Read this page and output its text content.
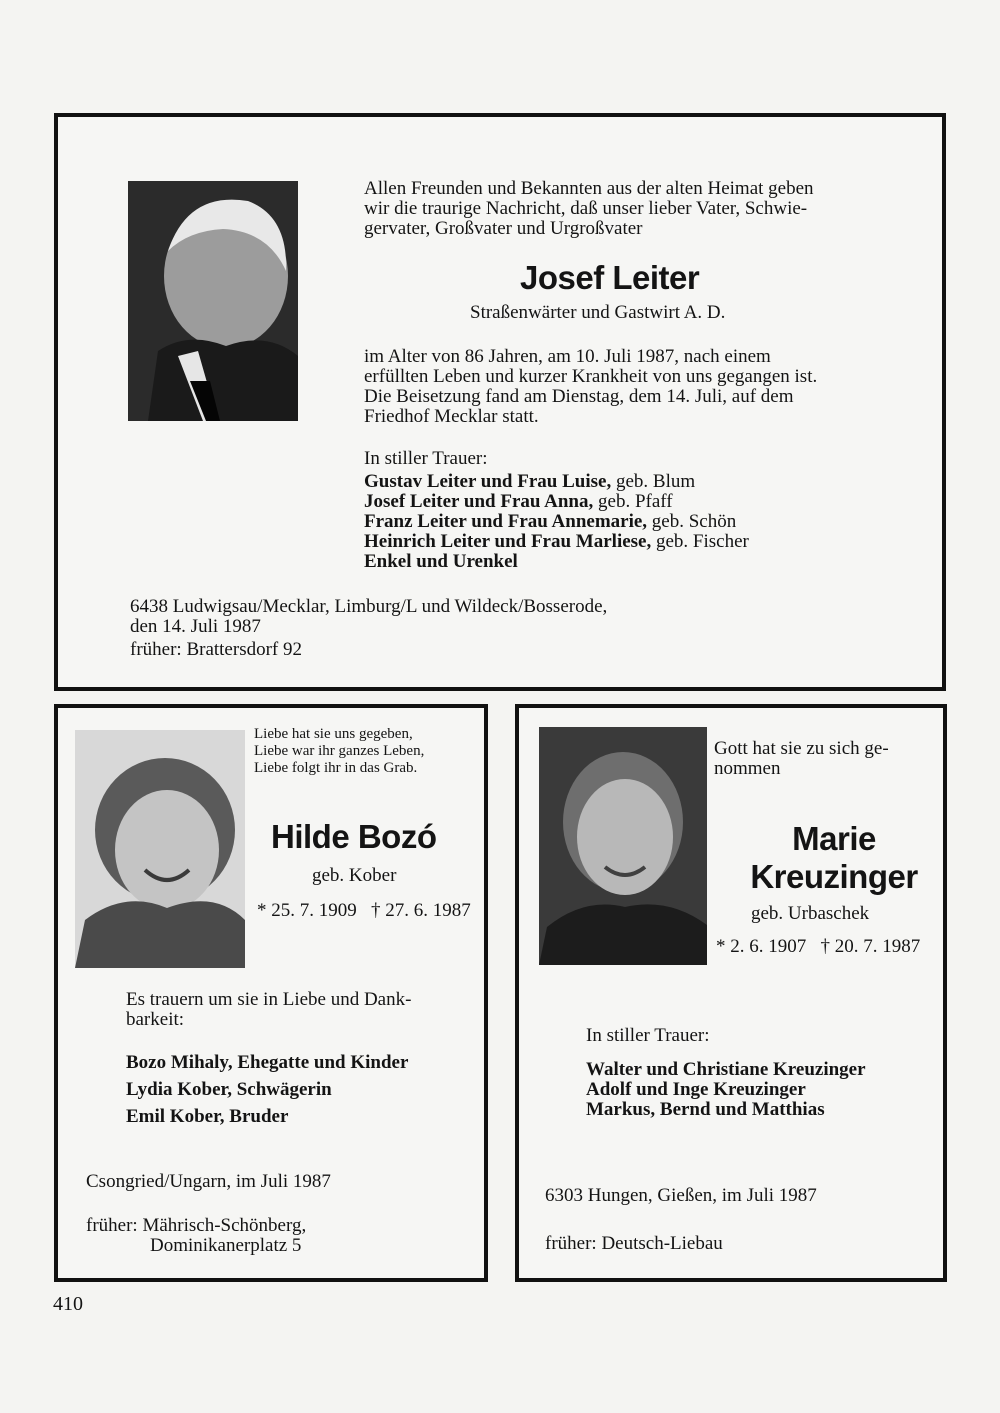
Allen Freunden und Bekannten aus der alten Heimat geben
wir die traurige Nachricht, daß unser lieber Vater, Schwie-
gervater, Großvater und Urgroßvater
Josef Leiter
Straßenwärter und Gastwirt A. D.
im Alter von 86 Jahren, am 10. Juli 1987, nach einem
erfüllten Leben und kurzer Krankheit von uns gegangen ist.
Die Beisetzung fand am Dienstag, dem 14. Juli, auf dem
Friedhof Mecklar statt.
In stiller Trauer:
Gustav Leiter und Frau Luise, geb. Blum
Josef Leiter und Frau Anna, geb. Pfaff
Franz Leiter und Frau Annemarie, geb. Schön
Heinrich Leiter und Frau Marliese, geb. Fischer
Enkel und Urenkel
6438 Ludwigsau/Mecklar, Limburg/L und Wildeck/Bosserode,
den 14. Juli 1987
früher: Brattersdorf 92
Liebe hat sie uns gegeben,
Liebe war ihr ganzes Leben,
Liebe folgt ihr in das Grab.
Hilde Bozó
geb. Kober
* 25. 7. 1909   † 27. 6. 1987
Es trauern um sie in Liebe und Dank-
barkeit:
Bozo Mihaly, Ehegatte und Kinder
Lydia Kober, Schwägerin
Emil Kober, Bruder
Csongried/Ungarn, im Juli 1987
früher: Mährisch-Schönberg,
Dominikanerplatz 5
Gott hat sie zu sich ge-
nommen
Marie
Kreuzinger
geb. Urbaschek
* 2. 6. 1907   † 20. 7. 1987
In stiller Trauer:
Walter und Christiane Kreuzinger
Adolf und Inge Kreuzinger
Markus, Bernd und Matthias
6303 Hungen, Gießen, im Juli 1987
früher: Deutsch-Liebau
410
